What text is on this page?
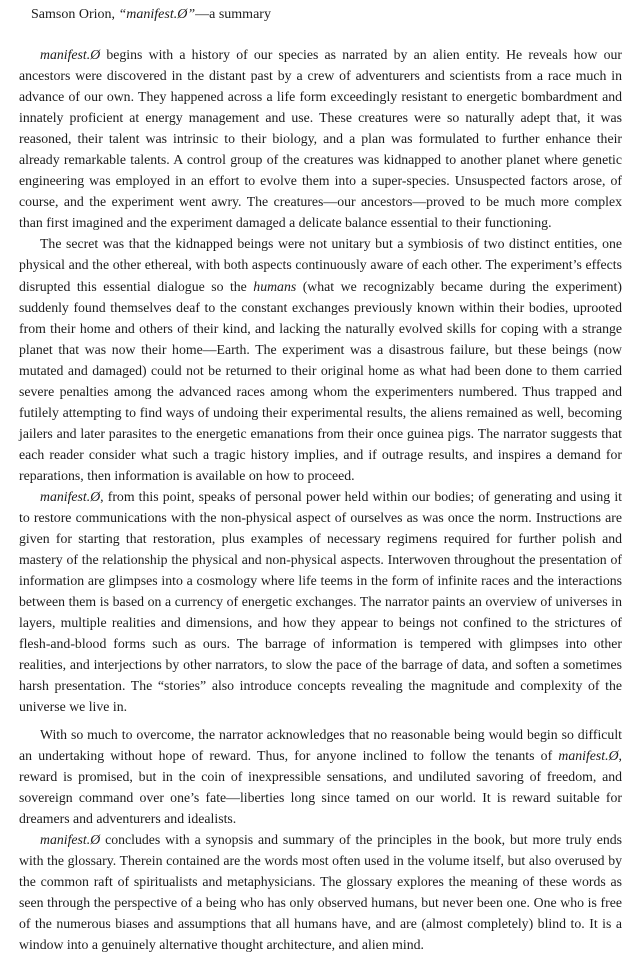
Samson Orion, “manifest.Ø”—a summary

manifest.Ø begins with a history of our species as narrated by an alien entity. He reveals how our ancestors were discovered in the distant past by a crew of adventurers and scientists from a race much in advance of our own. They happened across a life form exceedingly resistant to energetic bombardment and innately proficient at energy management and use. These creatures were so naturally adept that, it was reasoned, their talent was intrinsic to their biology, and a plan was formulated to further enhance their already remarkable talents. A control group of the creatures was kidnapped to another planet where genetic engineering was employed in an effort to evolve them into a super-species. Unsuspected factors arose, of course, and the experiment went awry. The creatures—our ancestors—proved to be much more complex than first imagined and the experiment damaged a delicate balance essential to their functioning.

The secret was that the kidnapped beings were not unitary but a symbiosis of two distinct entities, one physical and the other ethereal, with both aspects continuously aware of each other. The experiment’s effects disrupted this essential dialogue so the humans (what we recognizably became during the experiment) suddenly found themselves deaf to the constant exchanges previously known within their bodies, uprooted from their home and others of their kind, and lacking the naturally evolved skills for coping with a strange planet that was now their home—Earth. The experiment was a disastrous failure, but these beings (now mutated and damaged) could not be returned to their original home as what had been done to them carried severe penalties among the advanced races among whom the experimenters numbered. Thus trapped and futilely attempting to find ways of undoing their experimental results, the aliens remained as well, becoming jailers and later parasites to the energetic emanations from their once guinea pigs. The narrator suggests that each reader consider what such a tragic history implies, and if outrage results, and inspires a demand for reparations, then information is available on how to proceed.

manifest.Ø, from this point, speaks of personal power held within our bodies; of generating and using it to restore communications with the non-physical aspect of ourselves as was once the norm. Instructions are given for starting that restoration, plus examples of necessary regimens required for further polish and mastery of the relationship the physical and non-physical aspects. Interwoven throughout the presentation of information are glimpses into a cosmology where life teems in the form of infinite races and the interactions between them is based on a currency of energetic exchanges. The narrator paints an overview of universes in layers, multiple realities and dimensions, and how they appear to beings not confined to the strictures of flesh-and-blood forms such as ours. The barrage of information is tempered with glimpses into other realities, and interjections by other narrators, to slow the pace of the barrage of data, and soften a sometimes harsh presentation. The “stories” also introduce concepts revealing the magnitude and complexity of the universe we live in.

With so much to overcome, the narrator acknowledges that no reasonable being would begin so difficult an undertaking without hope of reward. Thus, for anyone inclined to follow the tenants of manifest.Ø, reward is promised, but in the coin of inexpressible sensations, and undiluted savoring of freedom, and sovereign command over one’s fate—liberties long since tamed on our world. It is reward suitable for dreamers and adventurers and idealists.

manifest.Ø concludes with a synopsis and summary of the principles in the book, but more truly ends with the glossary. Therein contained are the words most often used in the volume itself, but also overused by the common raft of spiritualists and metaphysicians. The glossary explores the meaning of these words as seen through the perspective of a being who has only observed humans, but never been one. One who is free of the numerous biases and assumptions that all humans have, and are (almost completely) blind to. It is a window into a genuinely alternative thought architecture, and alien mind.
